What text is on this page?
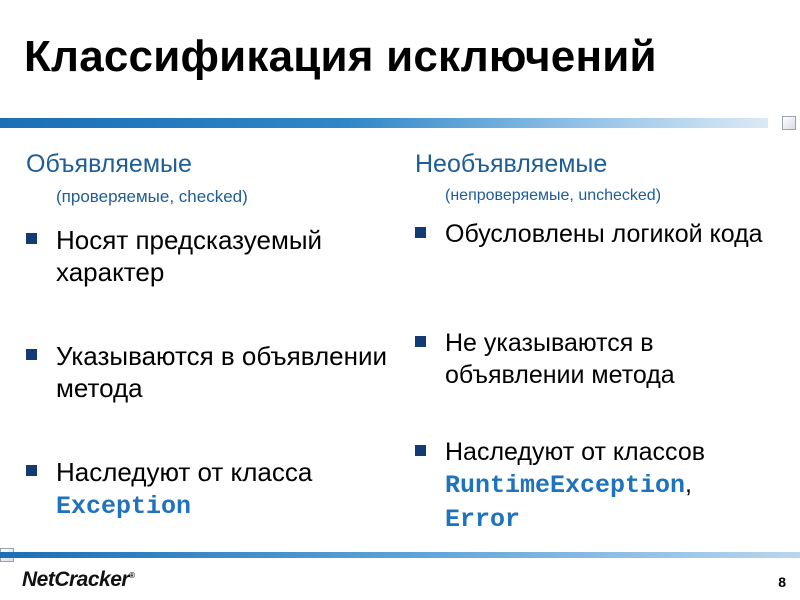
Классификация исключений
Объявляемые
(проверяемые, checked)
Носят предсказуемый характер
Указываются в объявлении метода
Наследуют от класса
Exception
Необъявляемые
(непроверяемые, unchecked)
Обусловлены логикой кода
Не указываются в объявлении метода
Наследуют от классов
RuntimeException,
Error
NetCracker®	8
